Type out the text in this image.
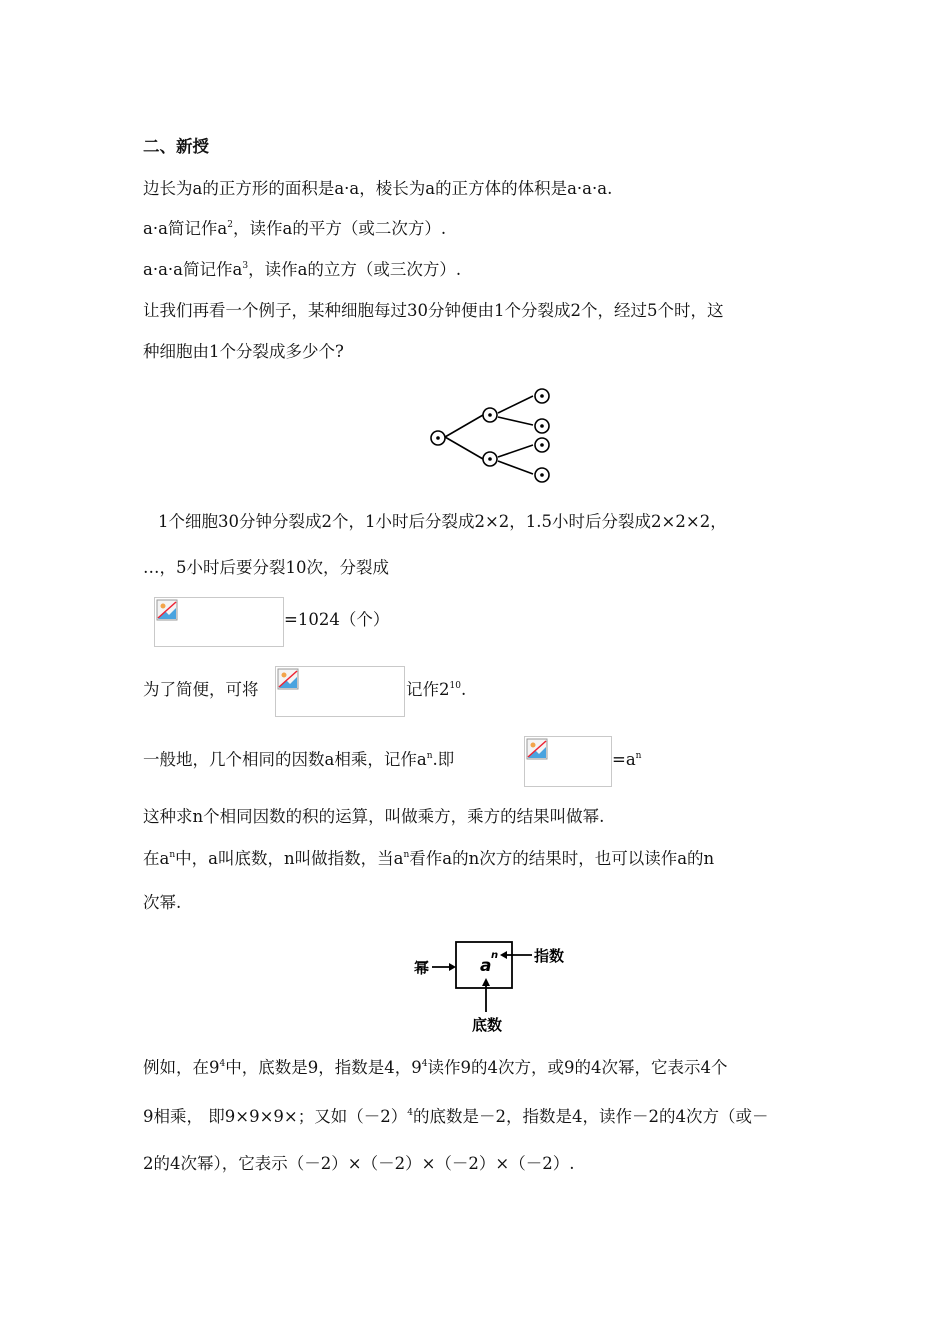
二、新授
边长为a的正方形的面积是a·a，棱长为a的正方体的体积是a·a·a.
a·a简记作$a^2$，读作a的平方（或二次方）.
a·a·a简记作$a^3$，读作a的立方（或三次方）.
让我们再看一个例子，某种细胞每过30分钟便由1个分裂成2个，经过5个时，这
种细胞由1个分裂成多少个?
1个细胞30分钟分裂成2个，1小时后分裂成2×2，1.5小时后分裂成2×2×2，
…，5小时后要分裂10次，分裂成
=1024（个）
为了简便，可将	记作$2^{10}$.
一般地，几个相同的因数a相乘，记作$a^n$.即	$=a^n$
这种求n个相同因数的积的运算，叫做乘方，乘方的结果叫做幂.
在$a^n$中，a叫底数，n叫做指数，当$a^n$看作a的n次方的结果时，也可以读作a的n
次幂.
幂	a
n 指数
底数
例如，在$9^4$中，底数是9，指数是4，$9^4$读作9的4次方，或9的4次幂，它表示4个
9相乘， 即9×9×9×；又如$(-2)^4$的底数是－2，指数是4，读作－2的4次方（或－
2的4次幂），它表示（－2）×（－2）×（－2）×（－2）.
